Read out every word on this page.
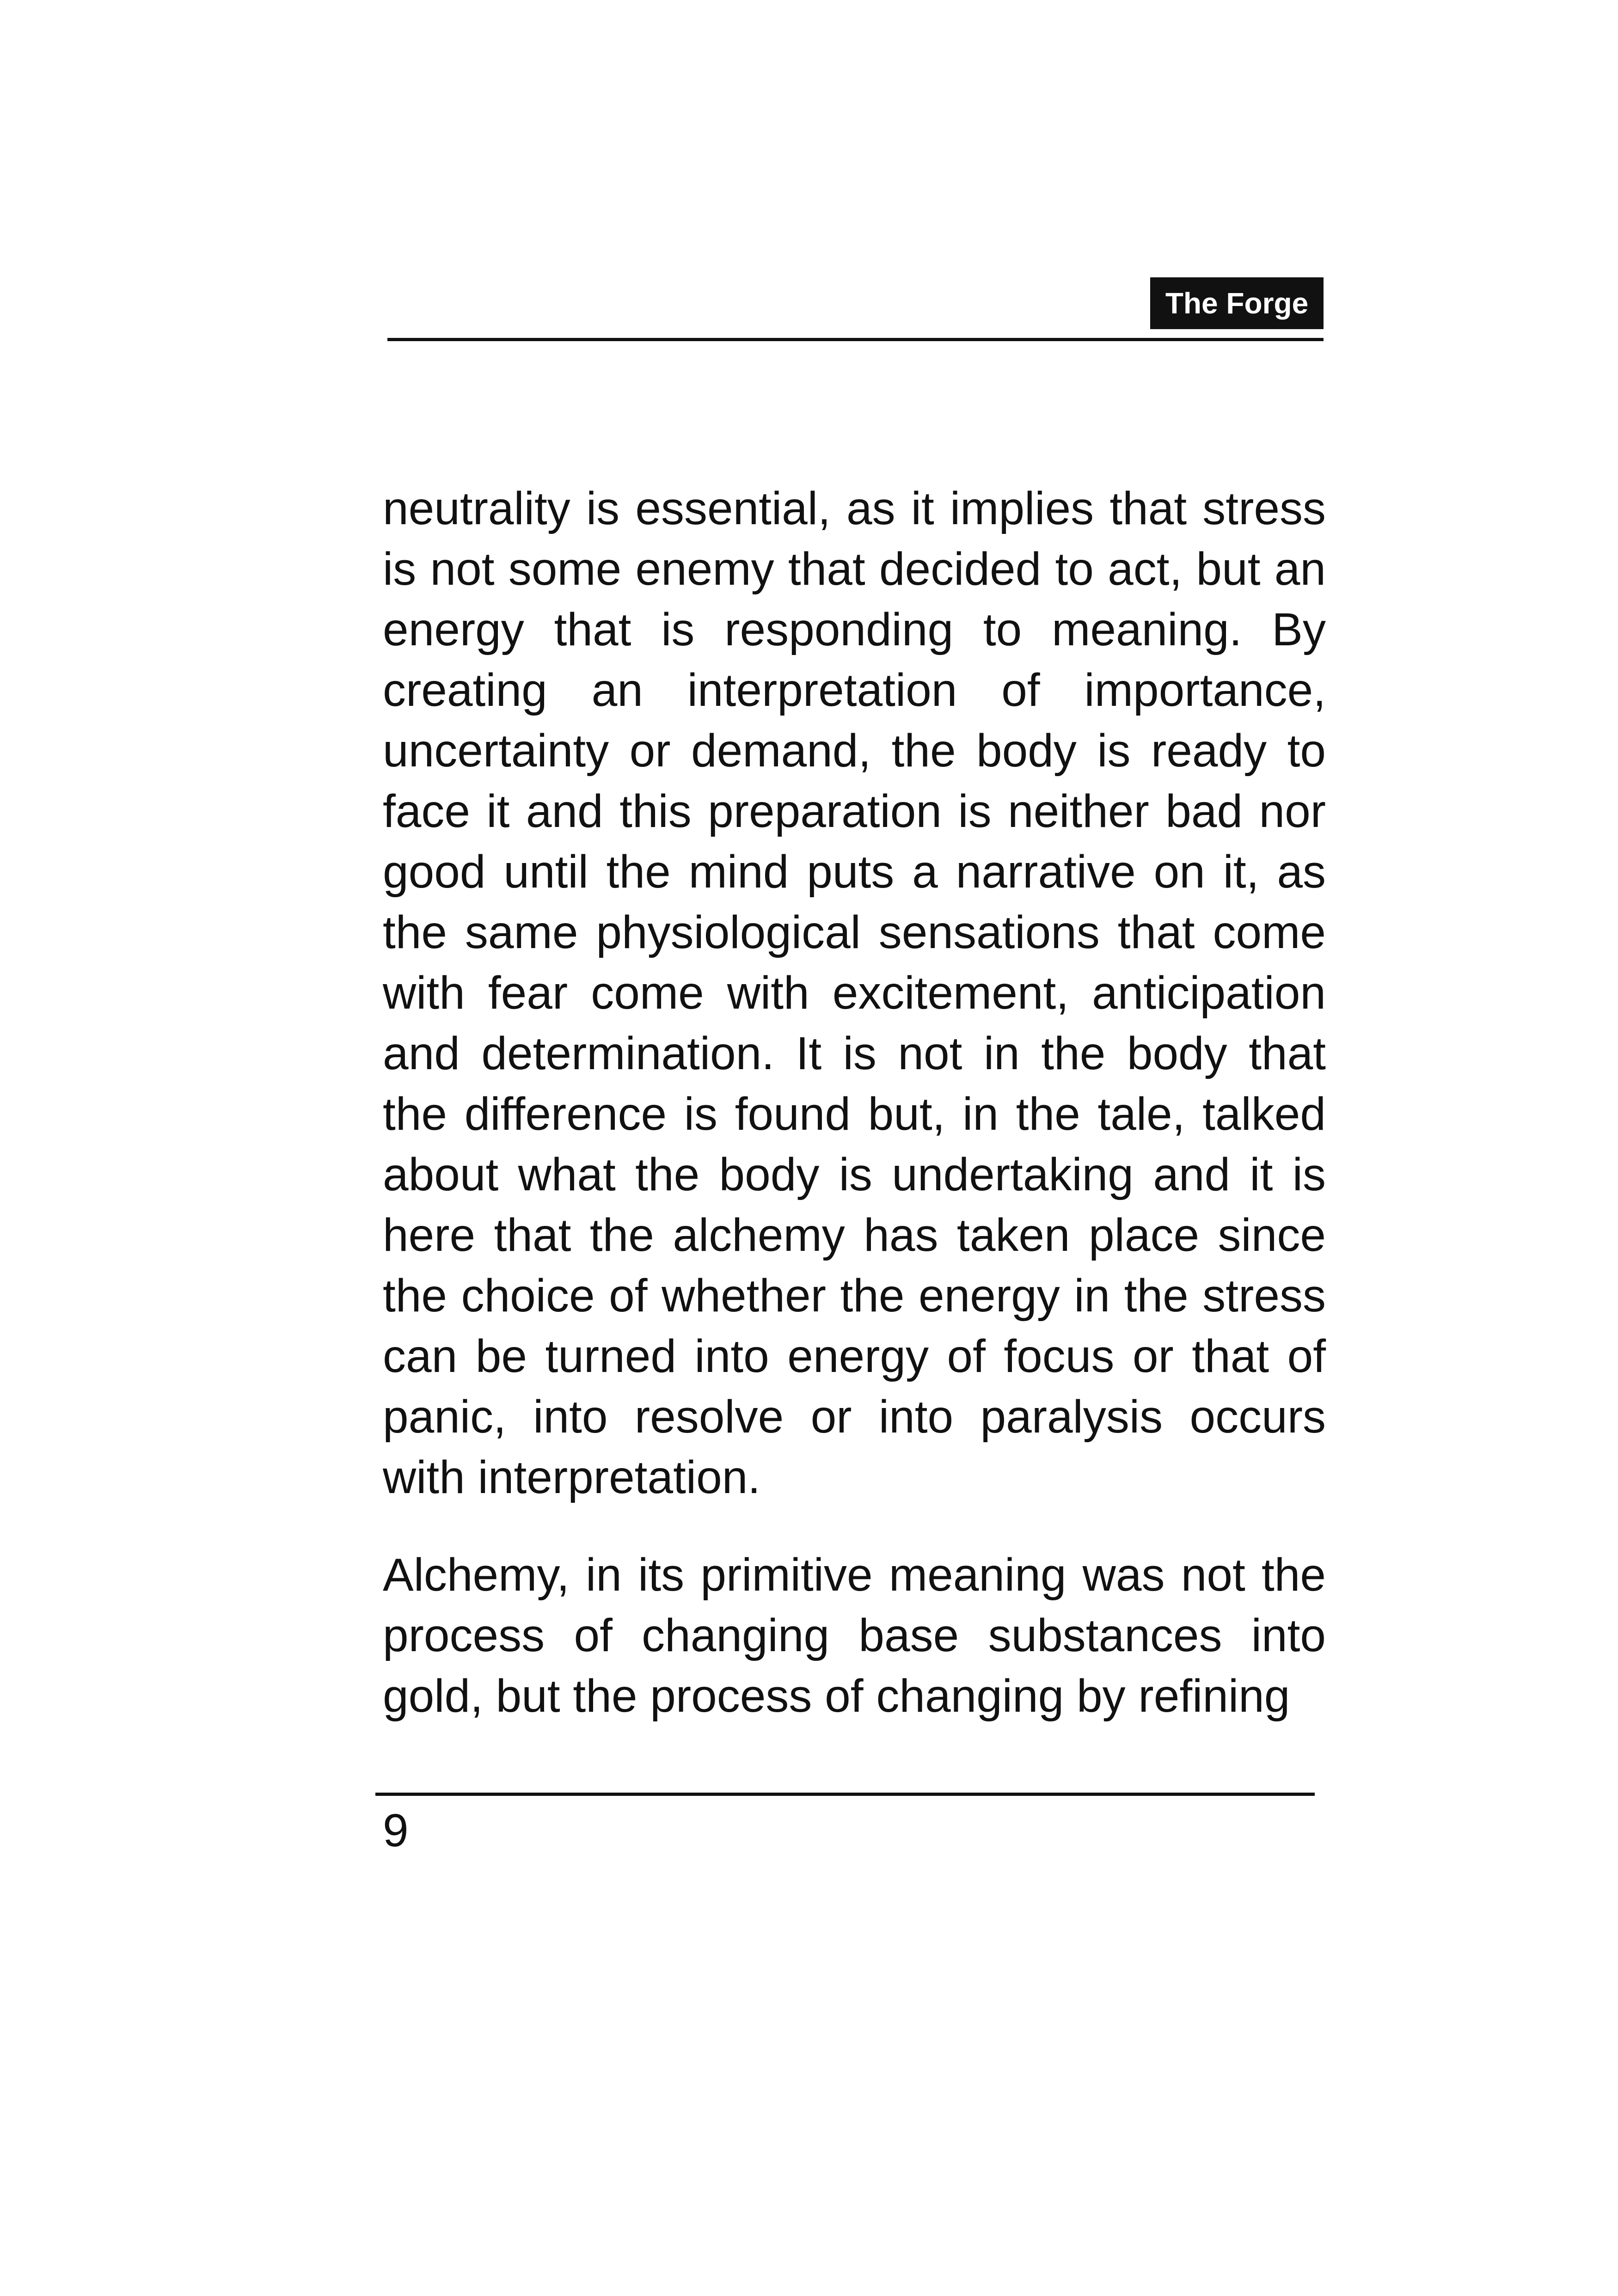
The Forge

neutrality is essential, as it implies that stress is not some enemy that decided to act, but an energy that is responding to meaning. By creating an interpretation of importance, uncertainty or demand, the body is ready to face it and this preparation is neither bad nor good until the mind puts a narrative on it, as the same physiological sensations that come with fear come with excitement, anticipation and determination. It is not in the body that the difference is found but, in the tale, talked about what the body is undertaking and it is here that the alchemy has taken place since the choice of whether the energy in the stress can be turned into energy of focus or that of panic, into resolve or into paralysis occurs with interpretation.

Alchemy, in its primitive meaning was not the process of changing base substances into gold, but the process of changing by refining

9
